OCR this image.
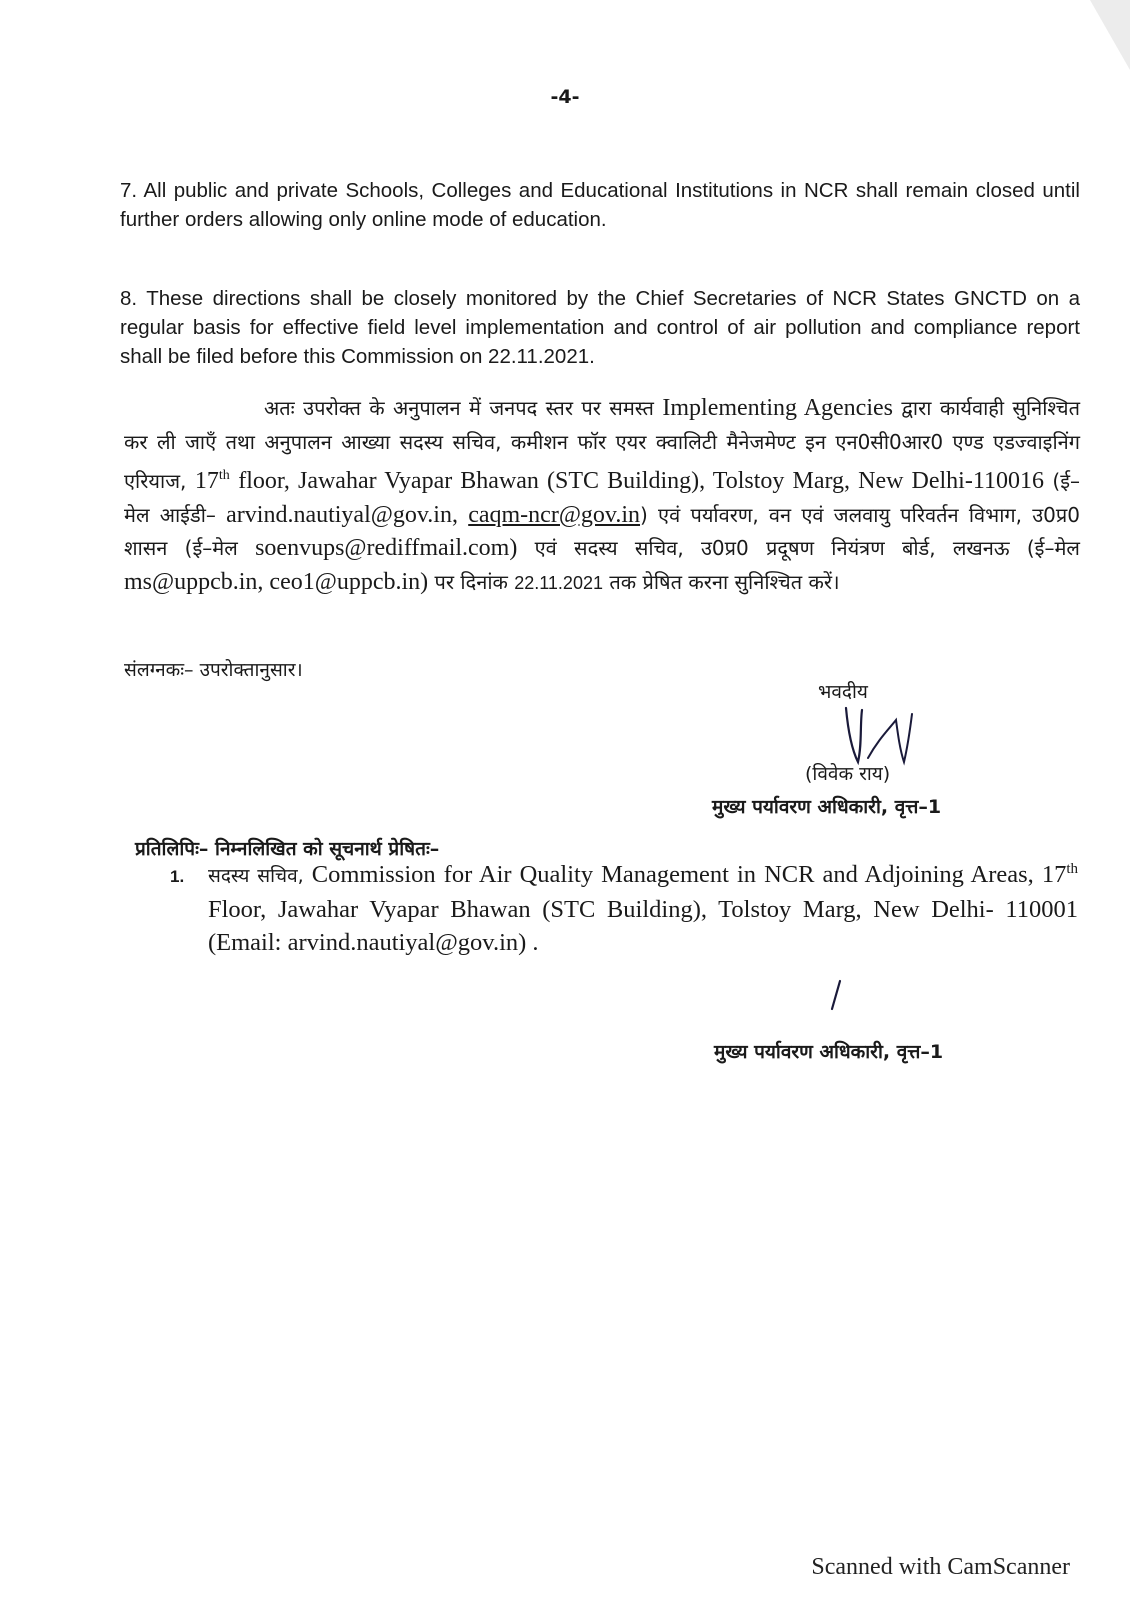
-4-
7. All public and private Schools, Colleges and Educational Institutions in NCR shall remain closed until further orders allowing only online mode of education.
8. These directions shall be closely monitored by the Chief Secretaries of NCR States GNCTD on a regular basis for effective field level implementation and control of air pollution and compliance report shall be filed before this Commission on 22.11.2021.
अतः उपरोक्त के अनुपालन में जनपद स्तर पर समस्त Implementing Agencies द्वारा कार्यवाही सुनिश्चित कर ली जाएँ तथा अनुपालन आख्या सदस्य सचिव, कमीशन फॉर एयर क्वालिटी मैनेजमेण्ट इन एन0सी0आर0 एण्ड एडज्वाइनिंग एरियाज, 17th floor, Jawahar Vyapar Bhawan (STC Building), Tolstoy Marg, New Delhi-110016 (ई–मेल आईडी– arvind.nautiyal@gov.in, caqm-ncr@gov.in) एवं पर्यावरण, वन एवं जलवायु परिवर्तन विभाग, उ0प्र0 शासन (ई–मेल soenvups@rediffmail.com) एवं सदस्य सचिव, उ0प्र0 प्रदूषण नियंत्रण बोर्ड, लखनऊ (ई–मेल ms@uppcb.in, ceo1@uppcb.in) पर दिनांक 22.11.2021 तक प्रेषित करना सुनिश्चित करें।
संलग्नकः– उपरोक्तानुसार।
भवदीय
(विवेक राय)
मुख्य पर्यावरण अधिकारी, वृत्त–1
प्रतिलिपिः– निम्नलिखित को सूचनार्थ प्रेषितः–
1. सदस्य सचिव, Commission for Air Quality Management in NCR and Adjoining Areas, 17th Floor, Jawahar Vyapar Bhawan (STC Building), Tolstoy Marg, New Delhi- 110001 (Email: arvind.nautiyal@gov.in) .
मुख्य पर्यावरण अधिकारी, वृत्त–1
Scanned with CamScanner
